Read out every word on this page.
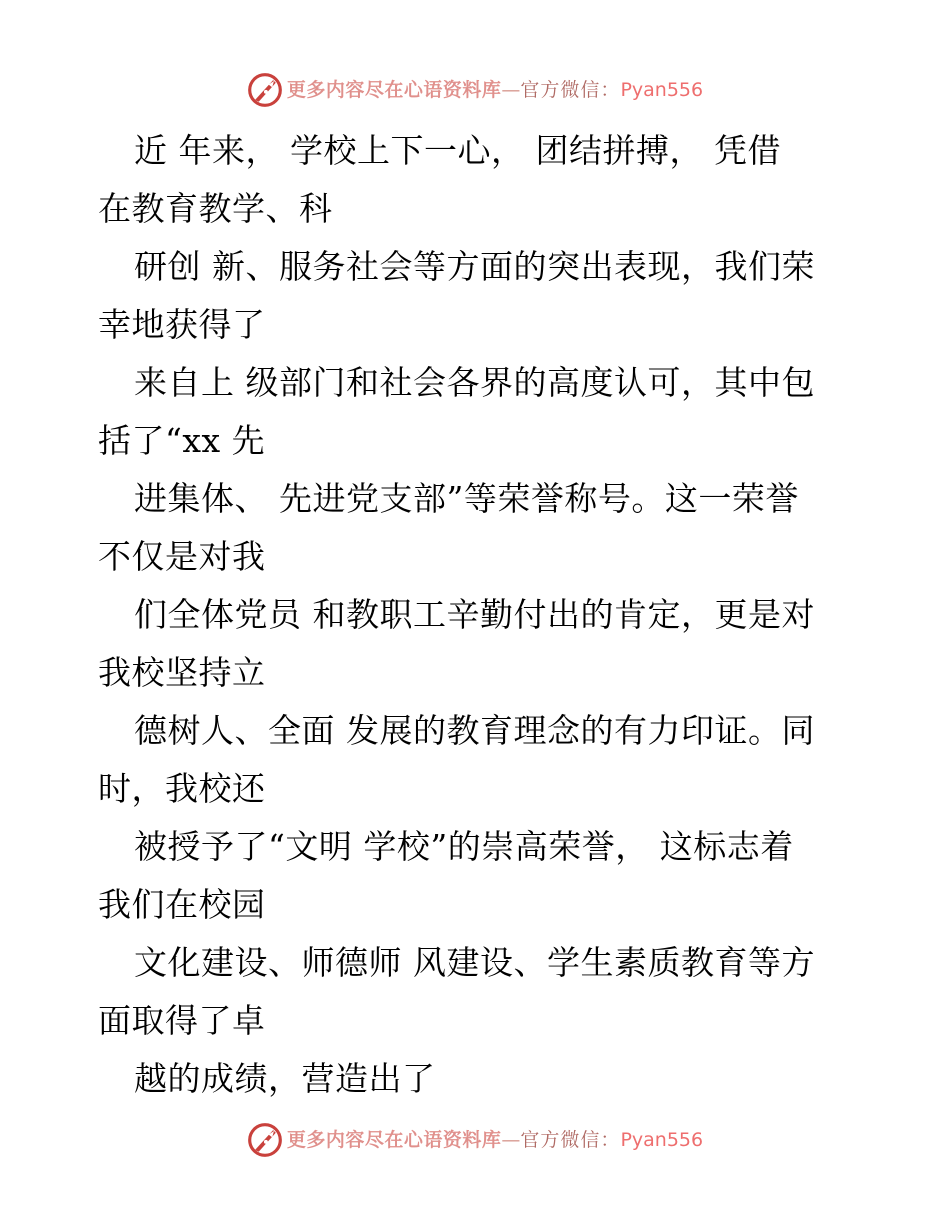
更多内容尽在心语资料库—官方微信：Pyan556

近 年来， 学校上下一心， 团结拼搏， 凭借

在教育教学、科

研创 新、服务社会等方面的突出表现，我们荣

幸地获得了

来自上 级部门和社会各界的高度认可，其中包

括了“xx 先

进集体、 先进党支部”等荣誉称号。这一荣誉

不仅是对我

们全体党员 和教职工辛勤付出的肯定，更是对

我校坚持立

德树人、全面 发展的教育理念的有力印证。同

时，我校还

被授予了“文明 学校”的崇高荣誉， 这标志着

我们在校园

文化建设、师德师 风建设、学生素质教育等方

面取得了卓

越的成绩，营造出了

更多内容尽在心语资料库—官方微信：Pyan556
